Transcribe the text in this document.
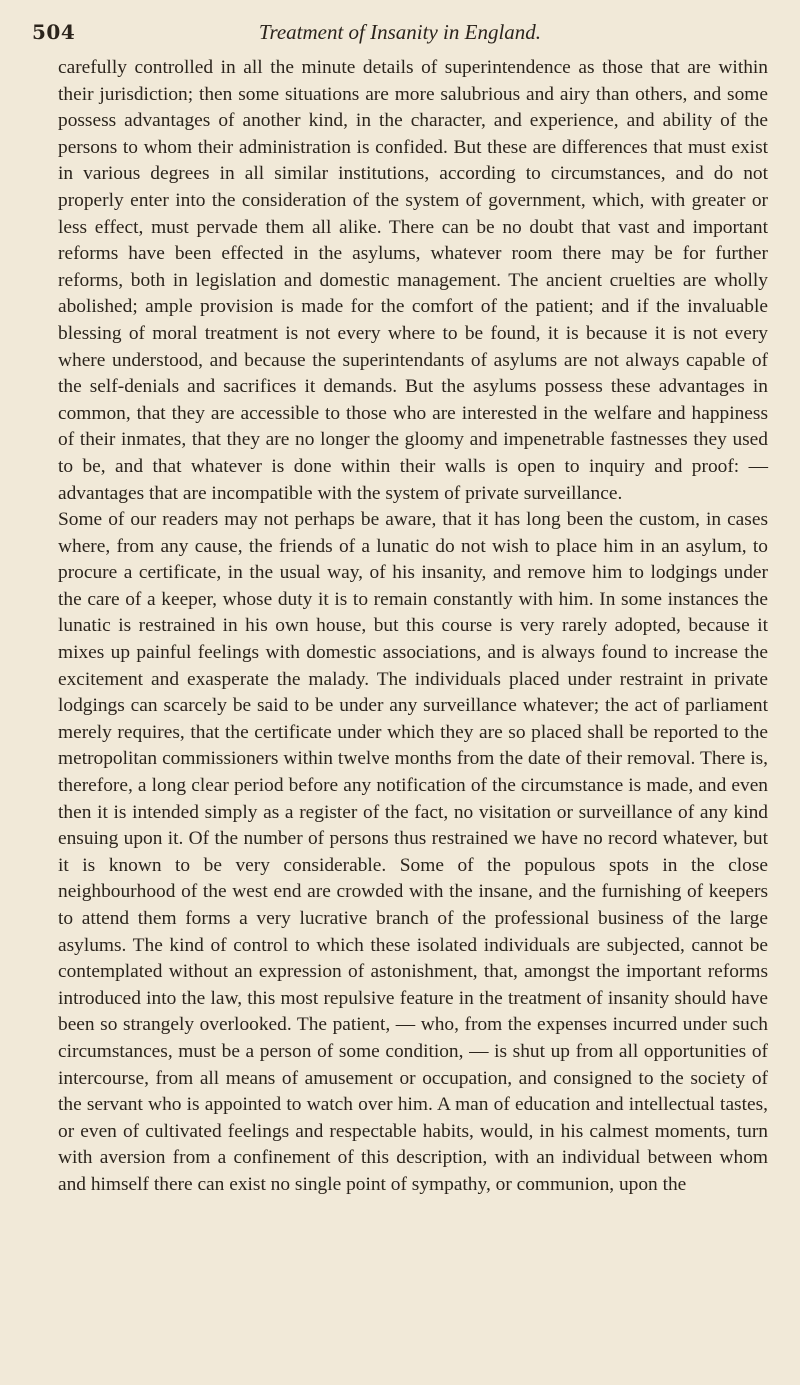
504	Treatment of Insanity in England.

carefully controlled in all the minute details of superintendence as those that are within their jurisdiction; then some situations are more salubrious and airy than others, and some possess advantages of another kind, in the character, and experience, and ability of the persons to whom their administration is confided. But these are differences that must exist in various degrees in all similar institutions, according to circumstances, and do not properly enter into the consideration of the system of government, which, with greater or less effect, must pervade them all alike. There can be no doubt that vast and important reforms have been effected in the asylums, whatever room there may be for further reforms, both in legislation and domestic management. The ancient cruelties are wholly abolished; ample provision is made for the comfort of the patient; and if the invaluable blessing of moral treatment is not every where to be found, it is because it is not every where understood, and because the superintendants of asylums are not always capable of the self-denials and sacrifices it demands. But the asylums possess these advantages in common, that they are accessible to those who are interested in the welfare and happiness of their inmates, that they are no longer the gloomy and impenetrable fastnesses they used to be, and that whatever is done within their walls is open to inquiry and proof: — advantages that are incompatible with the system of private surveillance.

Some of our readers may not perhaps be aware, that it has long been the custom, in cases where, from any cause, the friends of a lunatic do not wish to place him in an asylum, to procure a certificate, in the usual way, of his insanity, and remove him to lodgings under the care of a keeper, whose duty it is to remain constantly with him. In some instances the lunatic is restrained in his own house, but this course is very rarely adopted, because it mixes up painful feelings with domestic associations, and is always found to increase the excitement and exasperate the malady. The individuals placed under restraint in private lodgings can scarcely be said to be under any surveillance whatever; the act of parliament merely requires, that the certificate under which they are so placed shall be reported to the metropolitan commissioners within twelve months from the date of their removal. There is, therefore, a long clear period before any notification of the circumstance is made, and even then it is intended simply as a register of the fact, no visitation or surveillance of any kind ensuing upon it. Of the number of persons thus restrained we have no record whatever, but it is known to be very considerable. Some of the populous spots in the close neighbourhood of the west end are crowded with the insane, and the furnishing of keepers to attend them forms a very lucrative branch of the professional business of the large asylums. The kind of control to which these isolated individuals are subjected, cannot be contemplated without an expression of astonishment, that, amongst the important reforms introduced into the law, this most repulsive feature in the treatment of insanity should have been so strangely overlooked. The patient, — who, from the expenses incurred under such circumstances, must be a person of some condition, — is shut up from all opportunities of intercourse, from all means of amusement or occupation, and consigned to the society of the servant who is appointed to watch over him. A man of education and intellectual tastes, or even of cultivated feelings and respectable habits, would, in his calmest moments, turn with aversion from a confinement of this description, with an individual between whom and himself there can exist no single point of sympathy, or communion, upon the
